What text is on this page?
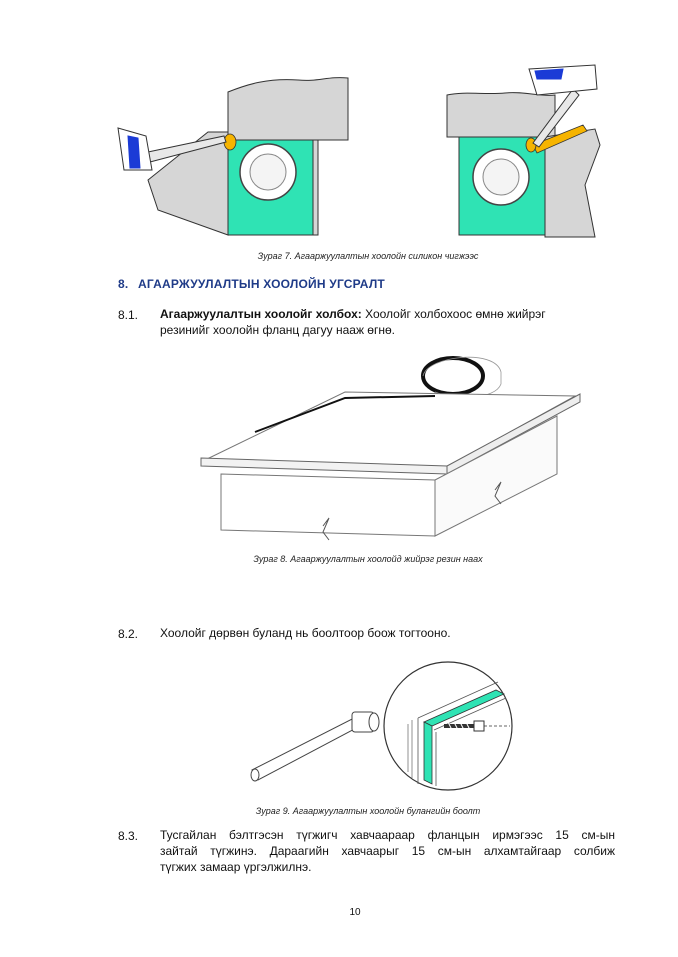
Зураг 7. Агааржуулалтын хоолойн силикон чигжээс
8. АГААРЖУУЛАЛТЫН ХООЛОЙН УГСРАЛТ
8.1. Агааржуулалтын хоолойг холбох: Хоолойг холбохоос өмнө жийрэг
резинийг хоолойн фланц дагуу нааж өгнө.
Зураг 8. Агааржуулалтын хоолойд жийрэг резин наах
8.2. Хоолойг дөрвөн буланд нь боолтоор боож тогтооно.
Зураг 9. Агааржуулалтын хоолойн булангийн боолт
8.3. Тусгайлан бэлтгэсэн түгжигч хавчаараар фланцын ирмэгээс 15 см-ын
зайтай түгжинэ. Дараагийн хавчаарыг 15 см-ын алхамтайгаар солбиж
түгжих замаар үргэлжилнэ.
10
